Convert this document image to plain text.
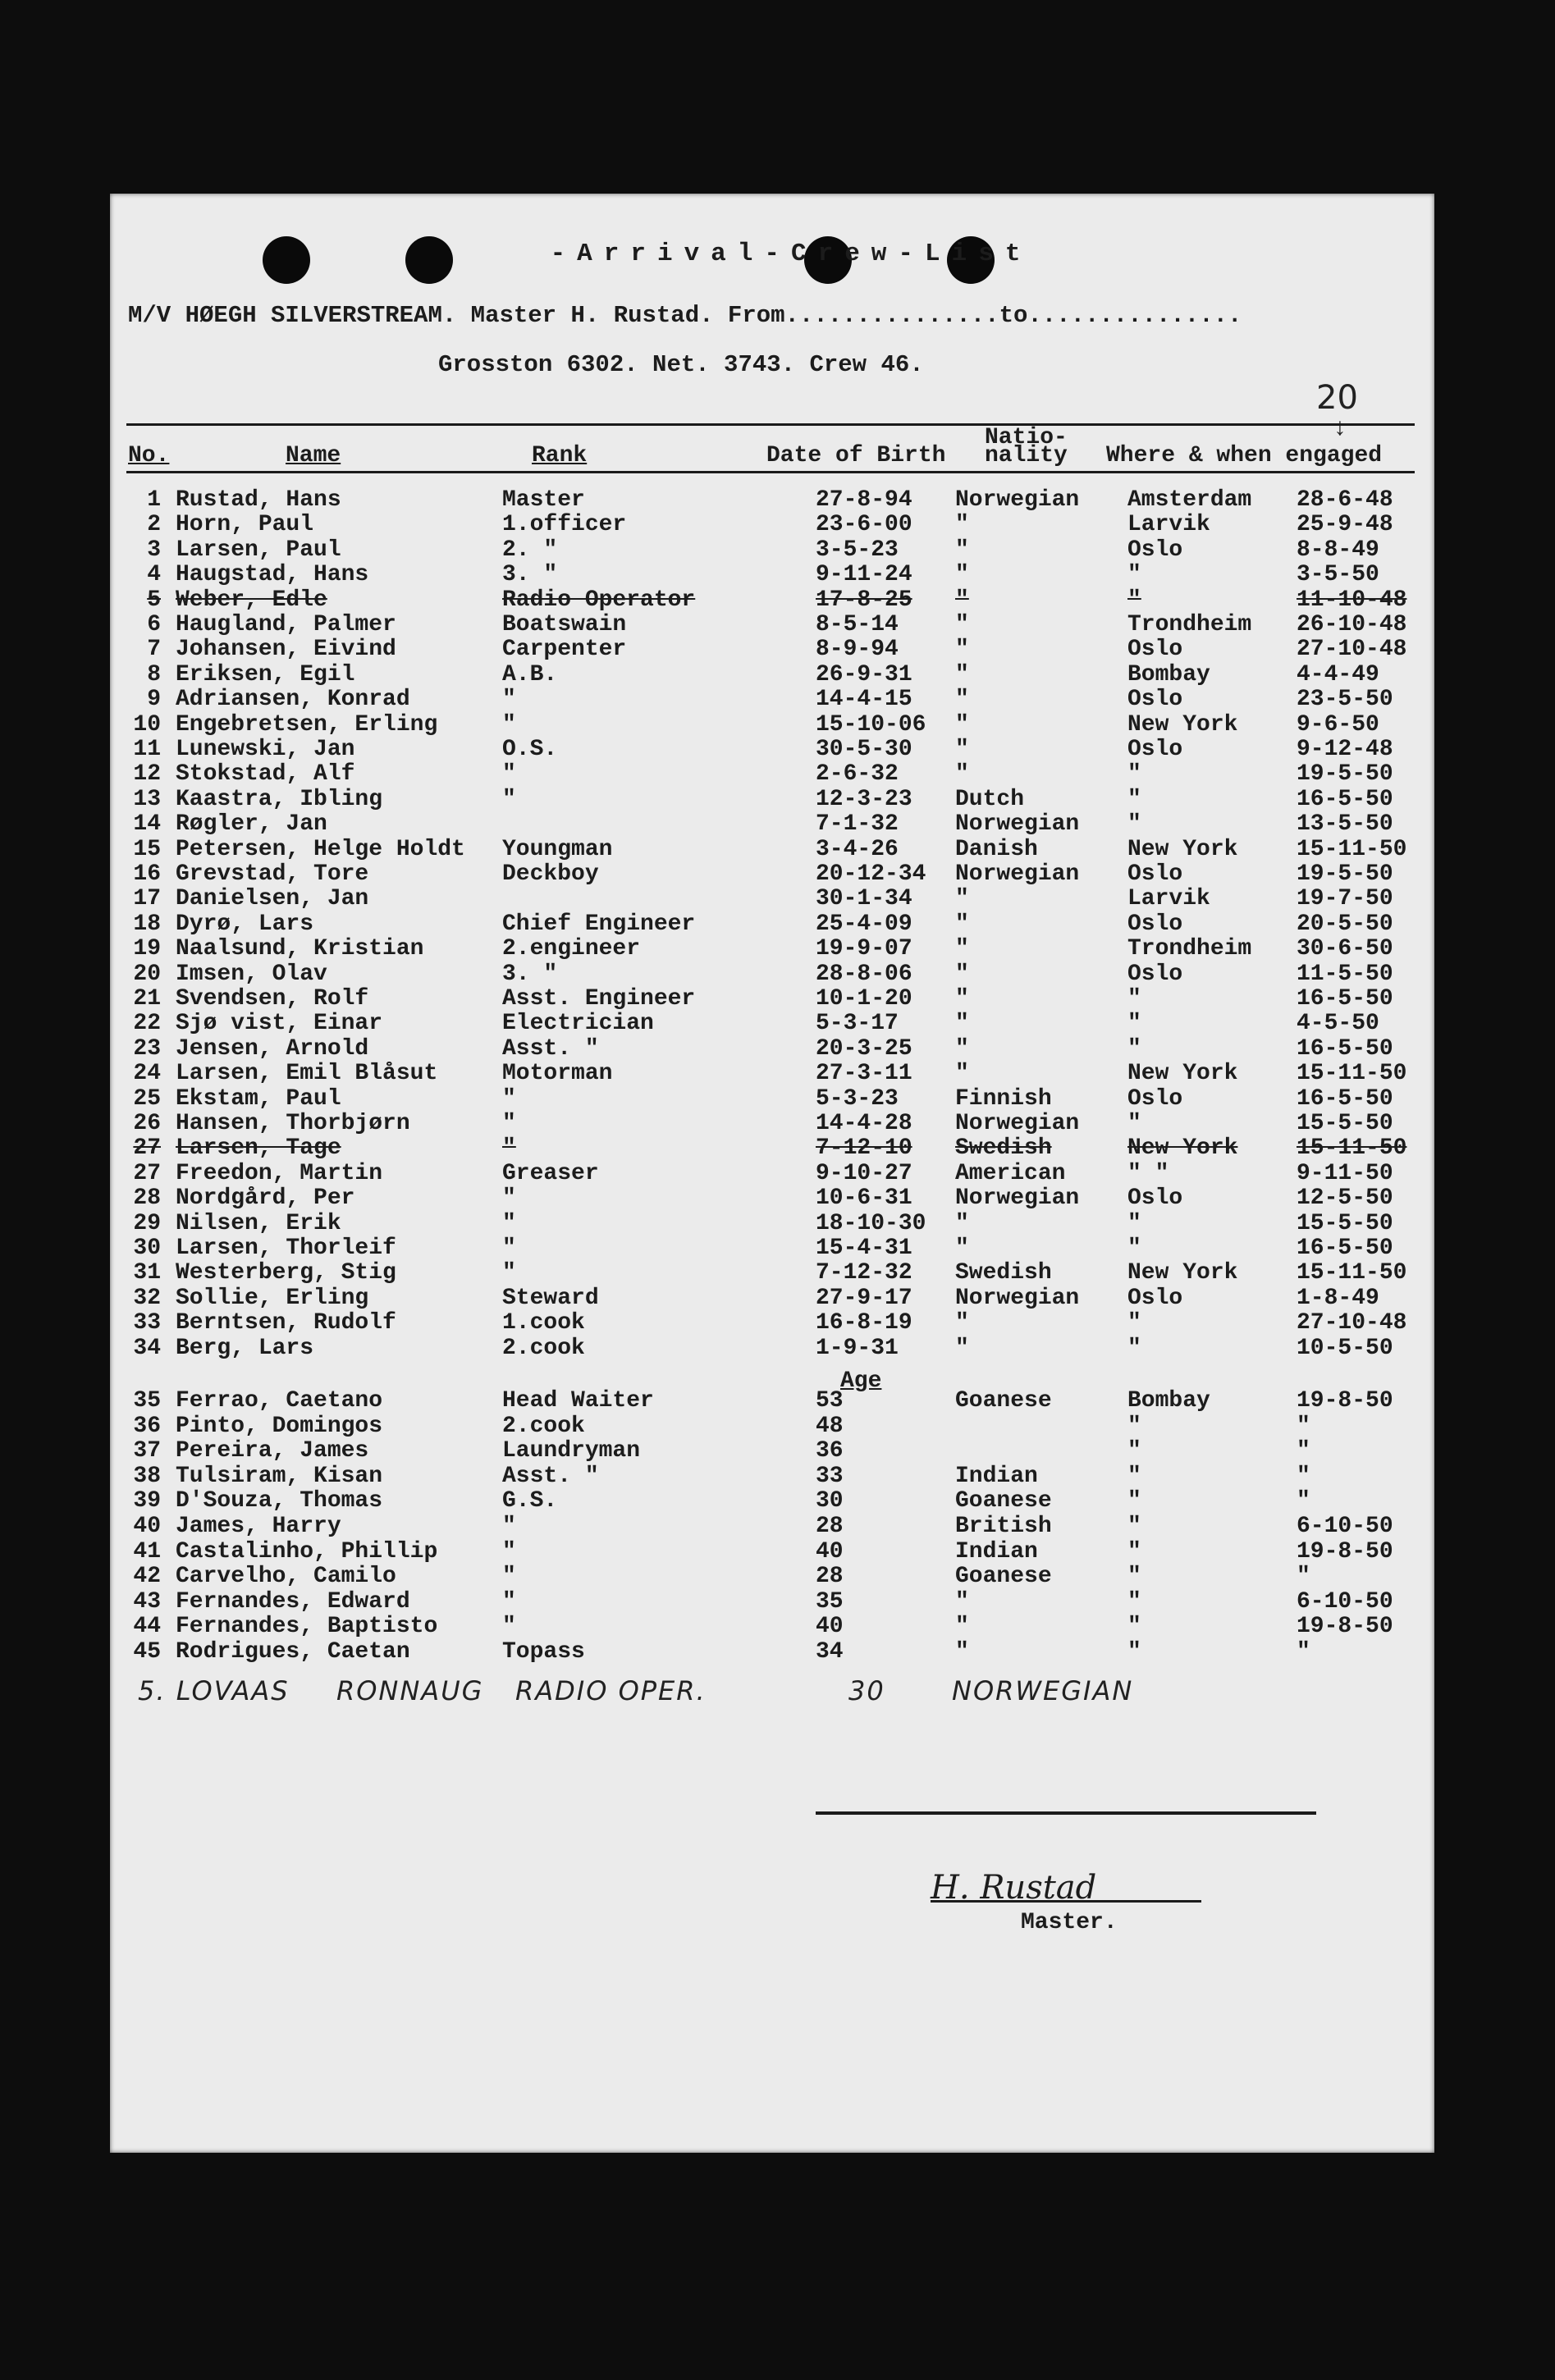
-Arrival-Crew-List
M/V HØEGH SILVERSTREAM. Master H. Rustad. From...............to...............
Grosston 6302. Net. 3743. Crew 46.
20
↓
Natio-
No.	Name	Rank	Date of Birth nality Where & when engaged
1 Rustad, Hans	Master	27-8-94 Norwegian Amsterdam 28-6-48
2 Horn, Paul	1.officer	23-6-00 "	Larvik	25-9-48
3 Larsen, Paul	2. "	3-5-23 "	Oslo	8-8-49
4 Haugstad, Hans	3. "	9-11-24 "	"	3-5-50
5 Weber, Edle	Radio Operator	17-8-25 "	"	11-10-48
6 Haugland, Palmer	Boatswain	8-5-14 "	Trondheim 26-10-48
7 Johansen, Eivind	Carpenter	8-9-94 "	Oslo	27-10-48
8 Eriksen, Egil	A.B.	26-9-31 "	Bombay	4-4-49
9 Adriansen, Konrad	"	14-4-15 "	Oslo	23-5-50
10 Engebretsen, Erling	"	15-10-06 "	New York	9-6-50
11 Lunewski, Jan	O.S.	30-5-30 "	Oslo	9-12-48
12 Stokstad, Alf	"	2-6-32 "	"	19-5-50
13 Kaastra, Ibling	"	12-3-23 Dutch	"	16-5-50
14 Røgler, Jan	7-1-32 Norwegian "	13-5-50
15 Petersen, Helge Holdt Youngman	3-4-26 Danish	New York	15-11-50
16 Grevstad, Tore	Deckboy	20-12-34 Norwegian Oslo	19-5-50
17 Danielsen, Jan	30-1-34 "	Larvik	19-7-50
18 Dyrø, Lars	Chief Engineer	25-4-09 "	Oslo	20-5-50
19 Naalsund, Kristian	2.engineer	19-9-07 "	Trondheim 30-6-50
20 Imsen, Olav	3. "	28-8-06 "	Oslo	11-5-50
21 Svendsen, Rolf	Asst. Engineer	10-1-20 "	"	16-5-50
22 Sjø vist, Einar	Electrician	5-3-17 "	"	4-5-50
23 Jensen, Arnold	Asst. "	20-3-25 "	"	16-5-50
24 Larsen, Emil Blåsut	Motorman	27-3-11 "	New York	15-11-50
25 Ekstam, Paul	"	5-3-23 Finnish	Oslo	16-5-50
26 Hansen, Thorbjørn	"	14-4-28 Norwegian "	15-5-50
27 Larsen, Tage	"	7-12-10 Swedish	New York	15-11-50
27 Freedon, Martin	Greaser	9-10-27 American	" "	9-11-50
28 Nordgård, Per	"	10-6-31 Norwegian Oslo	12-5-50
29 Nilsen, Erik	"	18-10-30 "	"	15-5-50
30 Larsen, Thorleif	"	15-4-31 "	"	16-5-50
31 Westerberg, Stig	"	7-12-32 Swedish	New York	15-11-50
32 Sollie, Erling	Steward	27-9-17 Norwegian Oslo	1-8-49
33 Berntsen, Rudolf	1.cook	16-8-19 "	"	27-10-48
34 Berg, Lars	2.cook	1-9-31 "	"	10-5-50
Age
35 Ferrao, Caetano	Head Waiter	53	Goanese	Bombay	19-8-50
36 Pinto, Domingos	2.cook	48	"	"
37 Pereira, James	Laundryman	36	"	"
38 Tulsiram, Kisan	Asst. "	33	Indian	"	"
39 D'Souza, Thomas	G.S.	30	Goanese	"	"
40 James, Harry	"	28	British	"	6-10-50
41 Castalinho, Phillip	"	40	Indian	"	19-8-50
42 Carvelho, Camilo	"	28	Goanese	"	"
43 Fernandes, Edward	"	35	"	"	6-10-50
44 Fernandes, Baptisto	"	40	"	"	19-8-50
45 Rodrigues, Caetan	Topass	34	"	"	"
5. LOVAAS RONNAUG RADIO OPER.	30	NORWEGIAN
H. Rustad
Master.
